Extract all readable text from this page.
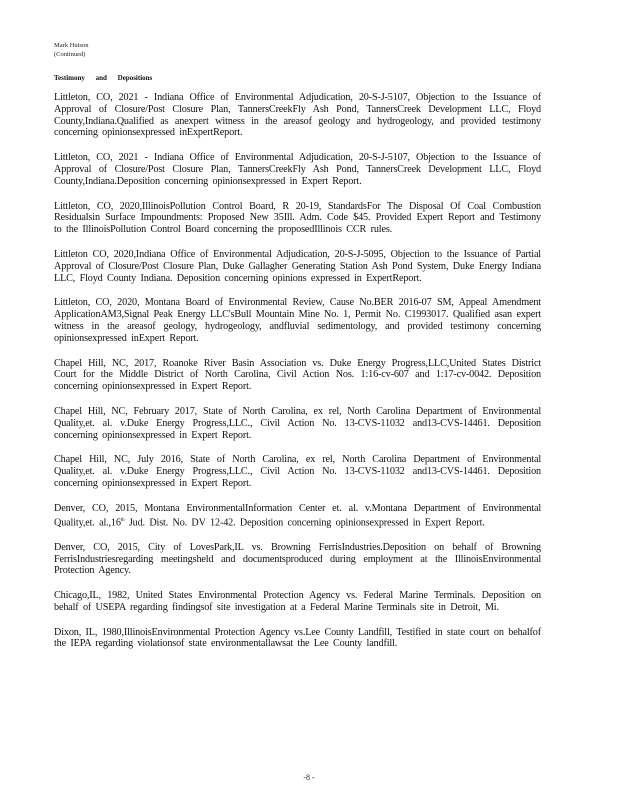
Mark Hutson
(Continued)
Testimony and Depositions

Littleton, CO, 2021 - Indiana Office of Environmental Adjudication, 20-S-J-5107, Objection to the Issuance of Approval of Closure/Post Closure Plan, TannersCreekFly Ash Pond, TannersCreek Development LLC, Floyd County,Indiana.Qualified as anexpert witness in the areasof geology and hydrogeology, and provided testimony concerning opinionsexpressed inExpertReport.

Littleton, CO, 2021 - Indiana Office of Environmental Adjudication, 20-S-J-5107, Objection to the Issuance of Approval of Closure/Post Closure Plan, TannersCreekFly Ash Pond, TannersCreek Development LLC, Floyd County,Indiana.Deposition concerning opinionsexpressed in Expert Report.

Littleton, CO, 2020,IllinoisPollution Control Board, R 20-19, StandardsFor The Disposal Of Coal Combustion Residualsin Surface Impoundments: Proposed New 35Ill. Adm. Code $45. Provided Expert Report and Testimony to the IllinoisPollution Control Board concerning the proposedIllinois CCR rules.

Littleton CO, 2020,Indiana Office of Environmental Adjudication, 20-S-J-5095, Objection to the Issuance of Partial Approval of Closure/Post Closure Plan, Duke Gallagher Generating Station Ash Pond System, Duke Energy Indiana LLC, Floyd County Indiana. Deposition concerning opinions expressed in ExpertReport.

Littleton, CO, 2020, Montana Board of Environmental Review, Cause No.BER 2016-07 SM, Appeal Amendment ApplicationAM3,Signal Peak Energy LLC'sBull Mountain Mine No. 1, Permit No. C1993017. Qualified asan expert witness in the areasof geology, hydrogeology, andfluvial sedimentology, and provided testimony concerning opinionsexpressed inExpert Report.

Chapel Hill, NC, 2017, Roanoke River Basin Association vs. Duke Energy Progress,LLC,United States District Court for the Middle District of North Carolina, Civil Action Nos. 1:16-cv-607 and 1:17-cv-0042. Deposition concerning opinionsexpressed in Expert Report.

Chapel Hill, NC, February 2017, State of North Carolina, ex rel, North Carolina Department of Environmental Quality,et. al. v.Duke Energy Progress,LLC., Civil Action No. 13-CVS-11032 and13-CVS-14461. Deposition concerning opinionsexpressed in Expert Report.

Chapel Hill, NC, July 2016, State of North Carolina, ex rel, North Carolina Department of Environmental Quality,et. al. v.Duke Energy Progress,LLC., Civil Action No. 13-CVS-11032 and13-CVS-14461. Deposition concerning opinionsexpressed in Expert Report.

Denver, CO, 2015, Montana EnvironmentalInformation Center et. al. v.Montana Department of Environmental Quality,et. al.,16th Jud. Dist. No. DV 12-42. Deposition concerning opinionsexpressed in Expert Report.

Denver, CO, 2015, City of LovesPark,IL vs. Browning FerrisIndustries.Deposition on behalf of Browning FerrisIndustriesregarding meetingsheld and documentsproduced during employment at the IllinoisEnvironmental Protection Agency.

Chicago,IL, 1982, United States Environmental Protection Agency vs. Federal Marine Terminals. Deposition on behalf of USEPA regarding findingsof site investigation at a Federal Marine Terminals site in Detroit, Mi.

Dixon, IL, 1980,IllinoisEnvironmental Protection Agency vs.Lee County Landfill, Testified in state court on behalfof the IEPA regarding violationsof state environmentallawsat the Lee County landfill.

-8 -
